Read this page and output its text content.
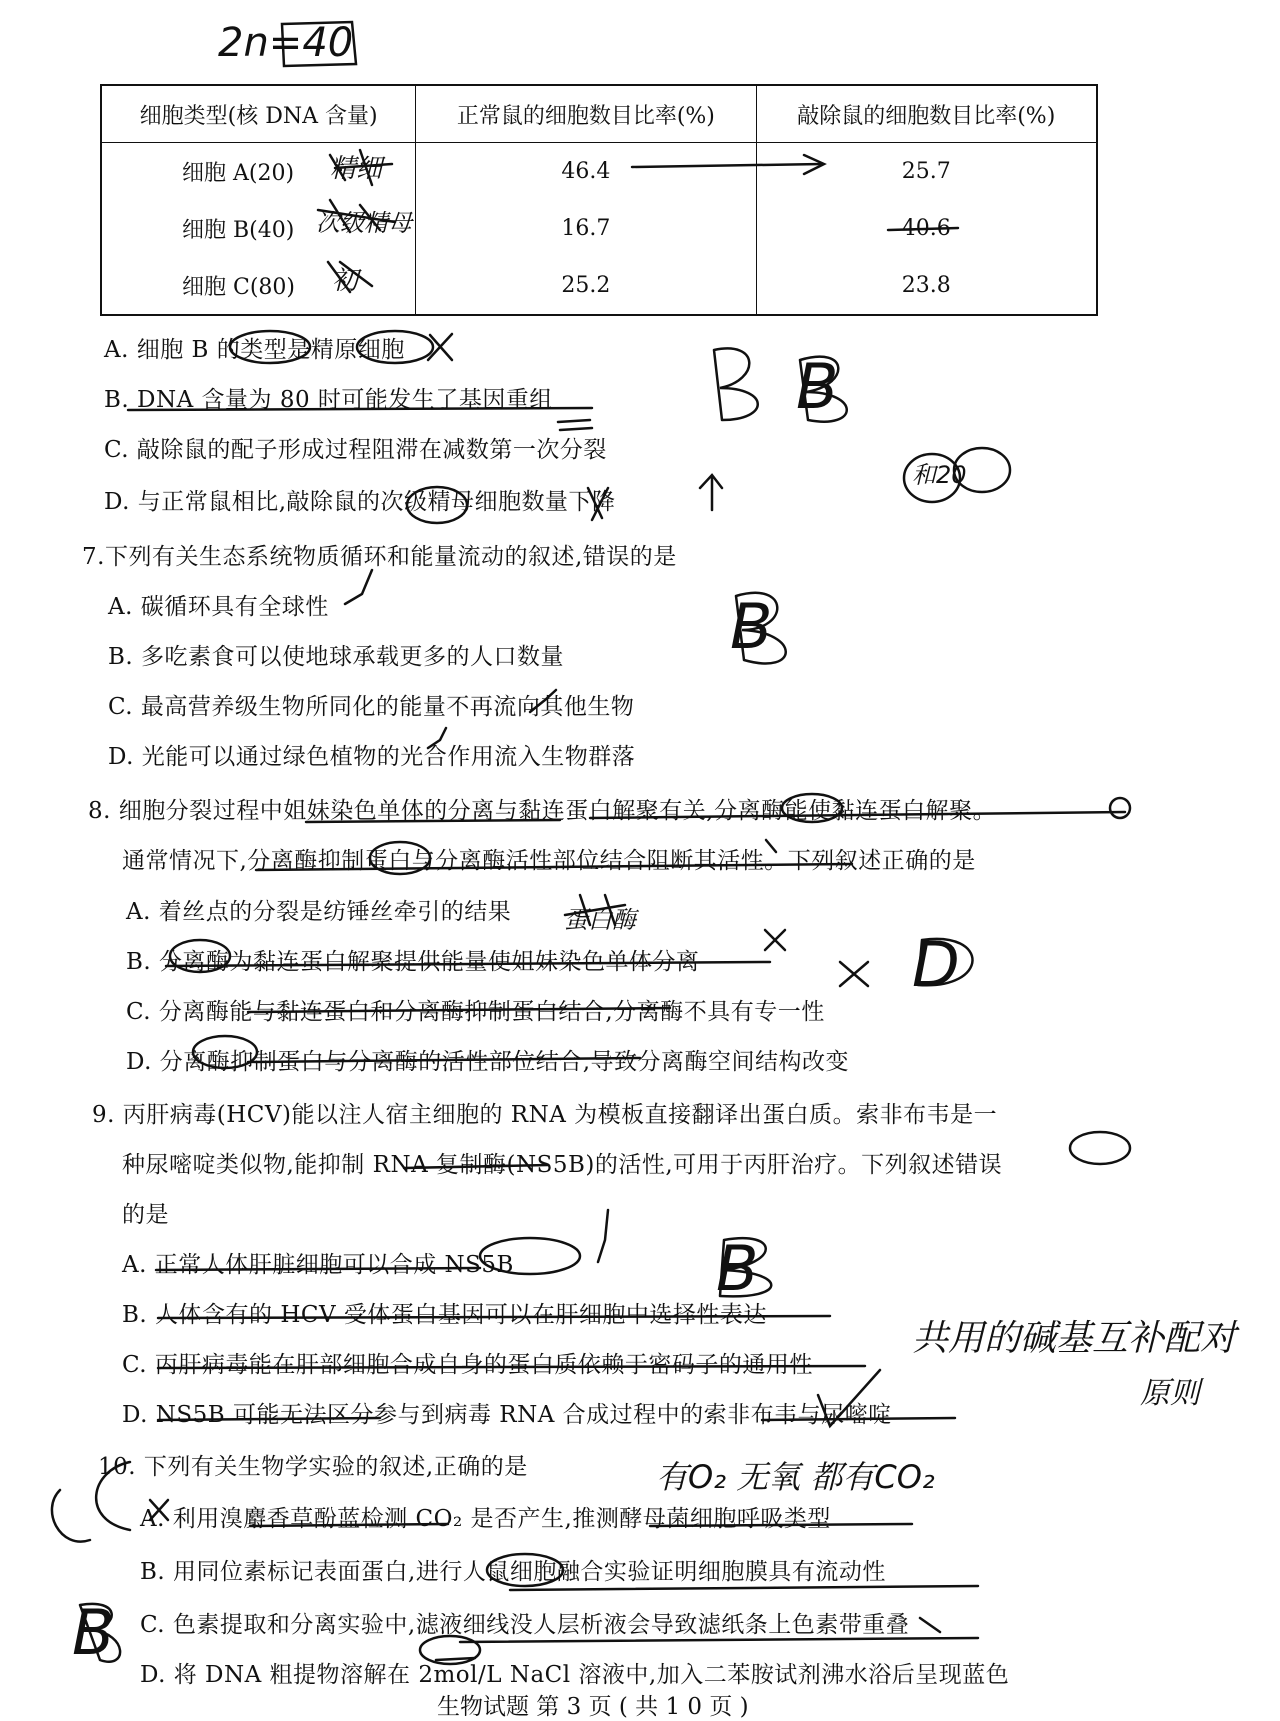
2n=40
精细
次级精母
初
B
和20
B
蛋白酶
D
B
共用的碱基互补配对
原则
有O₂ 无氧 都有CO₂
B
细胞类型(核 DNA 含量)	正常鼠的细胞数目比率(%)	敲除鼠的细胞数目比率(%)
细胞 A(20)	46.4	25.7
细胞 B(40)	16.7	40.6
细胞 C(80)	25.2	23.8
A. 细胞 B 的类型是精原细胞
B. DNA 含量为 80 时可能发生了基因重组
C. 敲除鼠的配子形成过程阻滞在减数第一次分裂
D. 与正常鼠相比,敲除鼠的次级精母细胞数量下降
7.下列有关生态系统物质循环和能量流动的叙述,错误的是
A. 碳循环具有全球性
B. 多吃素食可以使地球承载更多的人口数量
C. 最高营养级生物所同化的能量不再流向其他生物
D. 光能可以通过绿色植物的光合作用流入生物群落
8. 细胞分裂过程中姐妹染色单体的分离与黏连蛋白解聚有关,分离酶能使黏连蛋白解聚。
通常情况下,分离酶抑制蛋白与分离酶活性部位结合阻断其活性。下列叙述正确的是
A. 着丝点的分裂是纺锤丝牵引的结果
B. 分离酶为黏连蛋白解聚提供能量使姐妹染色单体分离
C. 分离酶能与黏连蛋白和分离酶抑制蛋白结合,分离酶不具有专一性
D. 分离酶抑制蛋白与分离酶的活性部位结合,导致分离酶空间结构改变
9. 丙肝病毒(HCV)能以注人宿主细胞的 RNA 为模板直接翻译出蛋白质。索非布韦是一
种尿嘧啶类似物,能抑制 RNA 复制酶(NS5B)的活性,可用于丙肝治疗。下列叙述错误
的是
A. 正常人体肝脏细胞可以合成 NS5B
B. 人体含有的 HCV 受体蛋白基因可以在肝细胞中选择性表达
C. 丙肝病毒能在肝部细胞合成自身的蛋白质依赖于密码子的通用性
D. NS5B 可能无法区分参与到病毒 RNA 合成过程中的索非布韦与尿嘧啶
10. 下列有关生物学实验的叙述,正确的是
A. 利用溴麝香草酚蓝检测 CO₂ 是否产生,推测酵母菌细胞呼吸类型
B. 用同位素标记表面蛋白,进行人鼠细胞融合实验证明细胞膜具有流动性
C. 色素提取和分离实验中,滤液细线没人层析液会导致滤纸条上色素带重叠
D. 将 DNA 粗提物溶解在 2mol/L NaCl 溶液中,加入二苯胺试剂沸水浴后呈现蓝色
生物试题 第 3 页 ( 共 1 0 页 )
